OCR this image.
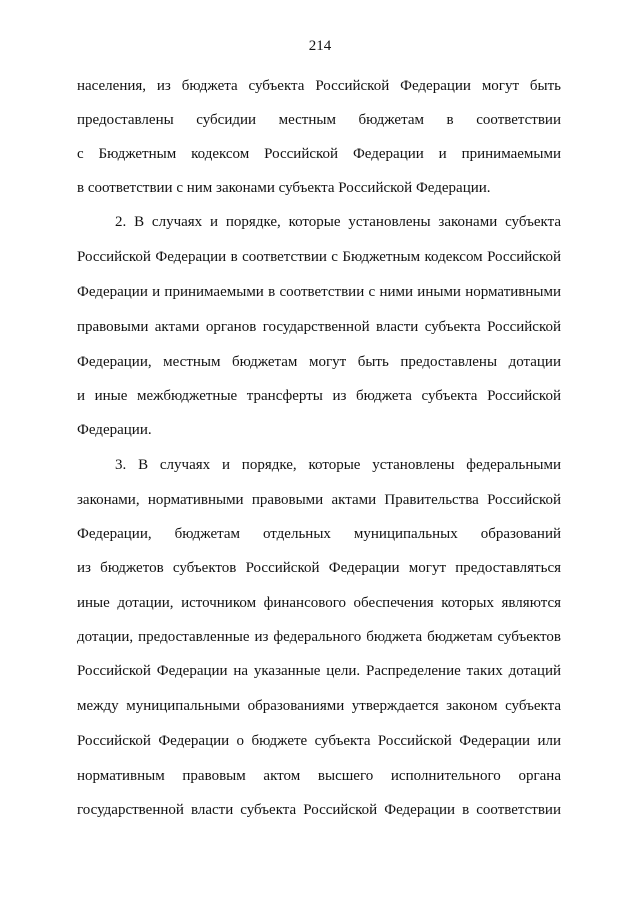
214
населения, из бюджета субъекта Российской Федерации могут быть
предоставлены субсидии местным бюджетам в соответствии
с Бюджетным кодексом Российской Федерации и принимаемыми
в соответствии с ним законами субъекта Российской Федерации.
2. В случаях и порядке, которые установлены законами субъекта
Российской Федерации в соответствии с Бюджетным кодексом Российской
Федерации и принимаемыми в соответствии с ними иными нормативными
правовыми актами органов государственной власти субъекта Российской
Федерации, местным бюджетам могут быть предоставлены дотации
и иные межбюджетные трансферты из бюджета субъекта Российской
Федерации.
3. В случаях и порядке, которые установлены федеральными
законами, нормативными правовыми актами Правительства Российской
Федерации, бюджетам отдельных муниципальных образований
из бюджетов субъектов Российской Федерации могут предоставляться
иные дотации, источником финансового обеспечения которых являются
дотации, предоставленные из федерального бюджета бюджетам субъектов
Российской Федерации на указанные цели. Распределение таких дотаций
между муниципальными образованиями утверждается законом субъекта
Российской Федерации о бюджете субъекта Российской Федерации или
нормативным правовым актом высшего исполнительного органа
государственной власти субъекта Российской Федерации в соответствии
